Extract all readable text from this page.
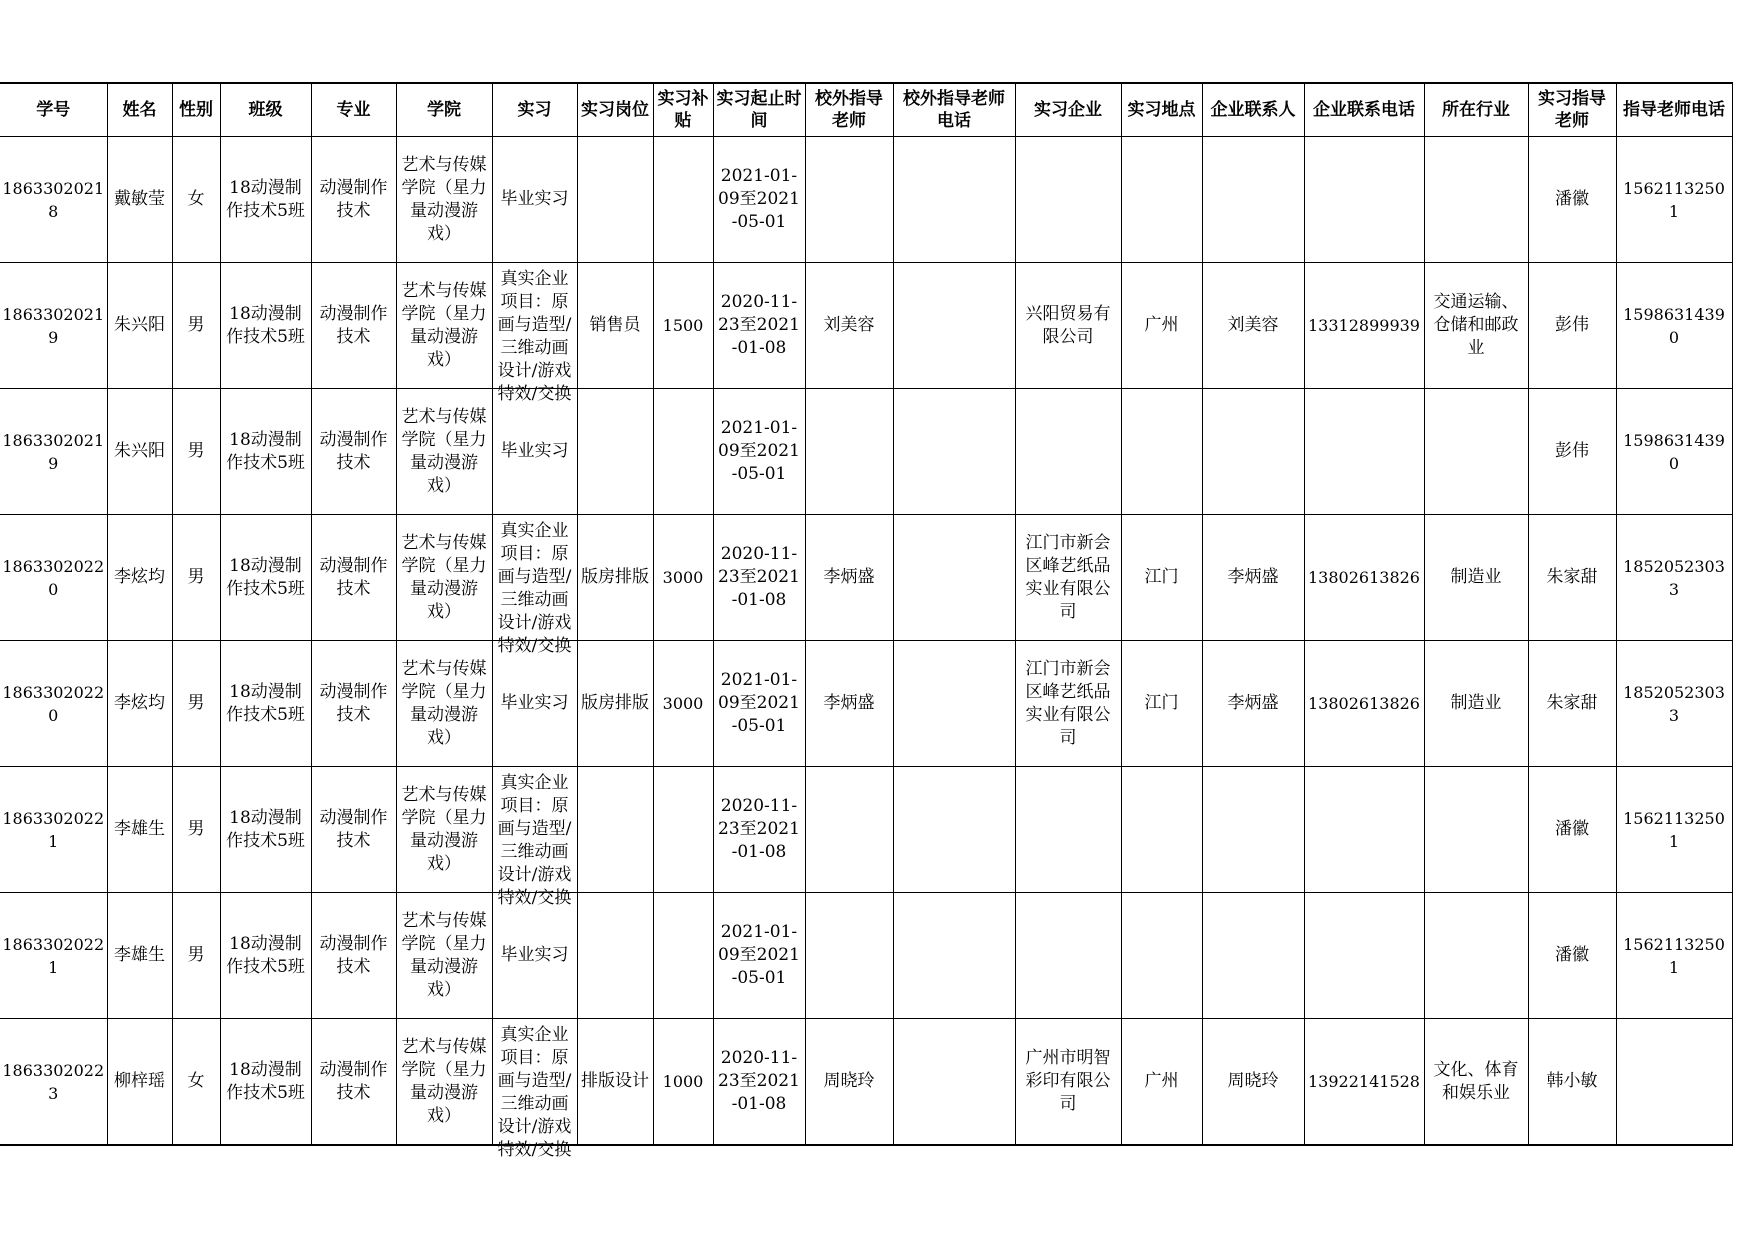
学号	姓名	性别	班级	专业	学院	实习	实习岗位	实习补贴	实习起止时间	校外指导老师	校外指导老师电话	实习企业	实习地点	企业联系人	企业联系电话	所在行业	实习指导老师	指导老师电话

18633020218	戴敏莹	女	18动漫制作技术5班	动漫制作技术	艺术与传媒学院（星力量动漫游戏）	毕业实习			2021-01-09至2021-05-01								潘徽	15621132501

18633020219	朱兴阳	男	18动漫制作技术5班	动漫制作技术	艺术与传媒学院（星力量动漫游戏）	真实企业项目：原画与造型/三维动画设计/游戏特效/交换	销售员	1500	2020-11-23至2021-01-08	刘美容		兴阳贸易有限公司	广州	刘美容	13312899939	交通运输、仓储和邮政业	彭伟	15986314390

18633020219	朱兴阳	男	18动漫制作技术5班	动漫制作技术	艺术与传媒学院（星力量动漫游戏）	毕业实习			2021-01-09至2021-05-01								彭伟	15986314390

18633020220	李炫均	男	18动漫制作技术5班	动漫制作技术	艺术与传媒学院（星力量动漫游戏）	真实企业项目：原画与造型/三维动画设计/游戏特效/交换	版房排版	3000	2020-11-23至2021-01-08	李炳盛		江门市新会区峰艺纸品实业有限公司	江门	李炳盛	13802613826	制造业	朱家甜	18520523033

18633020220	李炫均	男	18动漫制作技术5班	动漫制作技术	艺术与传媒学院（星力量动漫游戏）	毕业实习	版房排版	3000	2021-01-09至2021-05-01	李炳盛		江门市新会区峰艺纸品实业有限公司	江门	李炳盛	13802613826	制造业	朱家甜	18520523033

18633020221	李雄生	男	18动漫制作技术5班	动漫制作技术	艺术与传媒学院（星力量动漫游戏）	真实企业项目：原画与造型/三维动画设计/游戏特效/交换			2020-11-23至2021-01-08								潘徽	15621132501

18633020221	李雄生	男	18动漫制作技术5班	动漫制作技术	艺术与传媒学院（星力量动漫游戏）	毕业实习			2021-01-09至2021-05-01								潘徽	15621132501

18633020223	柳梓瑶	女	18动漫制作技术5班	动漫制作技术	艺术与传媒学院（星力量动漫游戏）	真实企业项目：原画与造型/三维动画设计/游戏特效/交换	排版设计	1000	2020-11-23至2021-01-08	周晓玲		广州市明智彩印有限公司	广州	周晓玲	13922141528	文化、体育和娱乐业	韩小敏	
